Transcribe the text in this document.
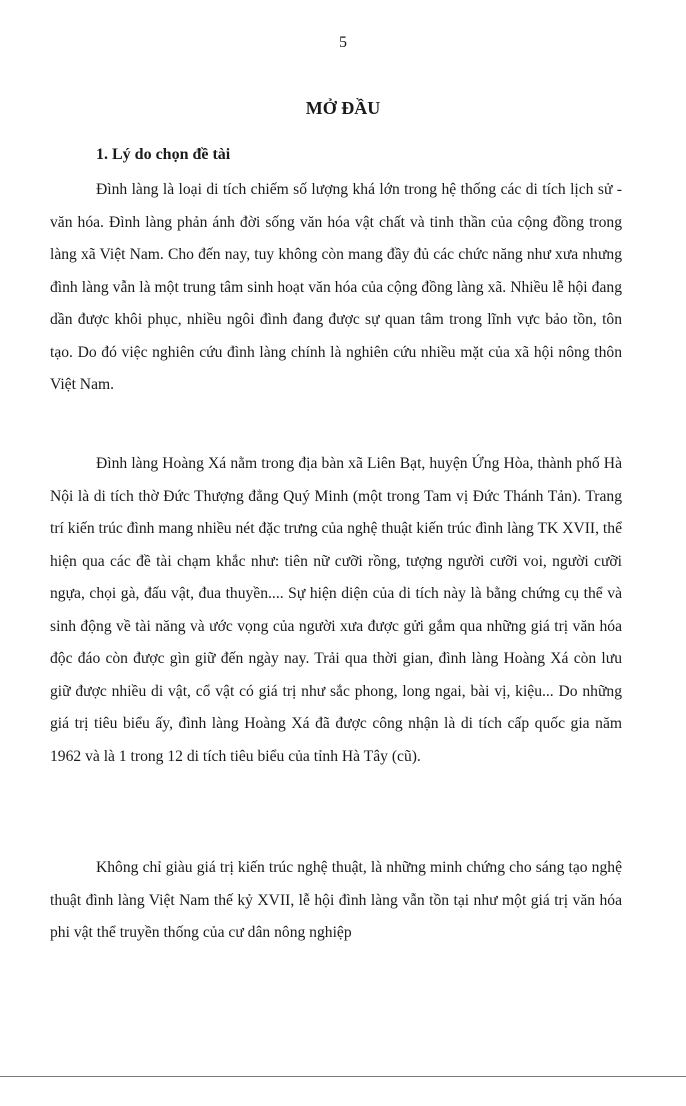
5
MỞ ĐẦU
1. Lý do chọn đề tài

Đình làng là loại di tích chiếm số lượng khá lớn trong hệ thống các di tích lịch sử - văn hóa. Đình làng phản ánh đời sống văn hóa vật chất và tinh thần của cộng đồng trong làng xã Việt Nam. Cho đến nay, tuy không còn mang đầy đủ các chức năng như xưa nhưng đình làng vẫn là một trung tâm sinh hoạt văn hóa của cộng đồng làng xã. Nhiều lễ hội đang dần được khôi phục, nhiều ngôi đình đang được sự quan tâm trong lĩnh vực bảo tồn, tôn tạo. Do đó việc nghiên cứu đình làng chính là nghiên cứu nhiều mặt của xã hội nông thôn Việt Nam.

Đình làng Hoàng Xá nằm trong địa bàn xã Liên Bạt, huyện Ứng Hòa, thành phố Hà Nội là di tích thờ Đức Thượng đẳng Quý Minh (một trong Tam vị Đức Thánh Tản). Trang trí kiến trúc đình mang nhiều nét đặc trưng của nghệ thuật kiến trúc đình làng TK XVII, thể hiện qua các đề tài chạm khắc như: tiên nữ cưỡi rồng, tượng người cưỡi voi, người cưỡi ngựa, chọi gà, đấu vật, đua thuyền.... Sự hiện diện của di tích này là bằng chứng cụ thể và sinh động về tài năng và ước vọng của người xưa được gửi gắm qua những giá trị văn hóa độc đáo còn được gìn giữ đến ngày nay. Trải qua thời gian, đình làng Hoàng Xá còn lưu giữ được nhiều di vật, cổ vật có giá trị như sắc phong, long ngai, bài vị, kiệu... Do những giá trị tiêu biểu ấy, đình làng Hoàng Xá đã được công nhận là di tích cấp quốc gia năm 1962 và là 1 trong 12 di tích tiêu biểu của tỉnh Hà Tây (cũ).

Không chỉ giàu giá trị kiến trúc nghệ thuật, là những minh chứng cho sáng tạo nghệ thuật đình làng Việt Nam thế kỷ XVII, lễ hội đình làng vẫn tồn tại như một giá trị văn hóa phi vật thể truyền thống của cư dân nông nghiệp
